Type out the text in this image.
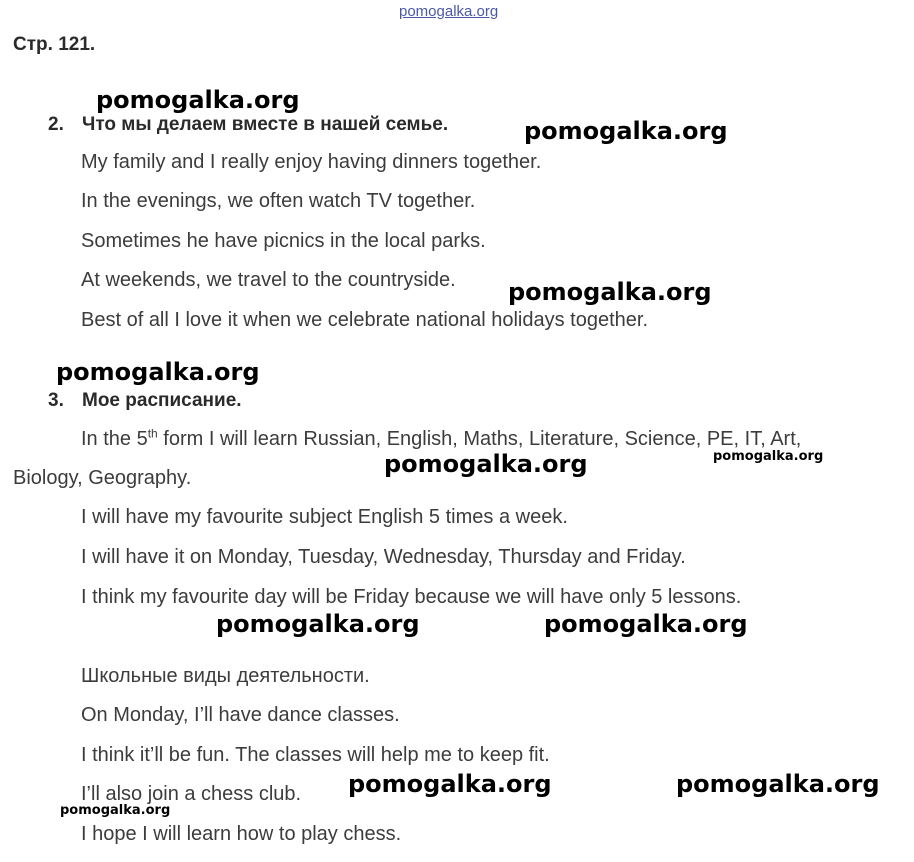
pomogalka.org
Стр. 121.
2. Что мы делаем вместе в нашей семье.
My family and I really enjoy having dinners together.
In the evenings, we often watch TV together.
Sometimes he have picnics in the local parks.
At weekends, we travel to the countryside.
Best of all I love it when we celebrate national holidays together.
3. Мое расписание.
In the 5th form I will learn Russian, English, Maths, Literature, Science, PE, IT, Art,
Biology, Geography.
I will have my favourite subject English 5 times a week.
I will have it on Monday, Tuesday, Wednesday, Thursday and Friday.
I think my favourite day will be Friday because we will have only 5 lessons.
Школьные виды деятельности.
On Monday, I’ll have dance classes.
I think it’ll be fun. The classes will help me to keep fit.
I’ll also join a chess club.
I hope I will learn how to play chess.
pomogalka.org
pomogalka.org
pomogalka.org
pomogalka.org
pomogalka.org	pomogalka.org
pomogalka.org	pomogalka.org
pomogalka.org	pomogalka.org
pomogalka.org
